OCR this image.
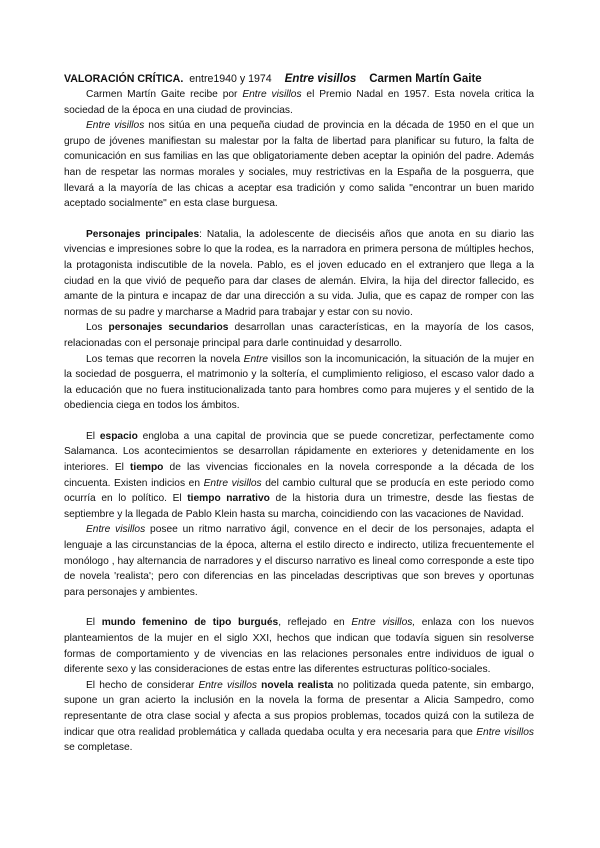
VALORACIÓN CRÍTICA. entre1940 y 1974 Entre visillos Carmen Martín Gaite

Carmen Martín Gaite recibe por Entre visillos el Premio Nadal en 1957. Esta novela critica la sociedad de la época en una ciudad de provincias.

Entre visillos nos sitúa en una pequeña ciudad de provincia en la década de 1950 en el que un grupo de jóvenes manifiestan su malestar por la falta de libertad para planificar su futuro, la falta de comunicación en sus familias en las que obligatoriamente deben aceptar la opinión del padre. Además han de respetar las normas morales y sociales, muy restrictivas en la España de la posguerra, que llevará a la mayoría de las chicas a aceptar esa tradición y como salida "encontrar un buen marido aceptado socialmente" en esta clase burguesa.

Personajes principales: Natalia, la adolescente de dieciséis años que anota en su diario las vivencias e impresiones sobre lo que la rodea, es la narradora en primera persona de múltiples hechos, la protagonista indiscutible de la novela. Pablo, es el joven educado en el extranjero que llega a la ciudad en la que vivió de pequeño para dar clases de alemán. Elvira, la hija del director fallecido, es amante de la pintura e incapaz de dar una dirección a su vida. Julia, que es capaz de romper con las normas de su padre y marcharse a Madrid para trabajar y estar con su novio.

Los personajes secundarios desarrollan unas características, en la mayoría de los casos, relacionadas con el personaje principal para darle continuidad y desarrollo.

Los temas que recorren la novela Entre visillos son la incomunicación, la situación de la mujer en la sociedad de posguerra, el matrimonio y la soltería, el cumplimiento religioso, el escaso valor dado a la educación que no fuera institucionalizada tanto para hombres como para mujeres y el sentido de la obediencia ciega en todos los ámbitos.

El espacio engloba a una capital de provincia que se puede concretizar, perfectamente como Salamanca. Los acontecimientos se desarrollan rápidamente en exteriores y detenidamente en los interiores. El tiempo de las vivencias ficcionales en la novela corresponde a la década de los cincuenta. Existen indicios en Entre visillos del cambio cultural que se producía en este periodo como ocurría en lo político. El tiempo narrativo de la historia dura un trimestre, desde las fiestas de septiembre y la llegada de Pablo Klein hasta su marcha, coincidiendo con las vacaciones de Navidad.

Entre visillos posee un ritmo narrativo ágil, convence en el decir de los personajes, adapta el lenguaje a las circunstancias de la época, alterna el estilo directo e indirecto, utiliza frecuentemente el monólogo , hay alternancia de narradores y el discurso narrativo es lineal como corresponde a este tipo de novela 'realista'; pero con diferencias en las pinceladas descriptivas que son breves y oportunas para personajes y ambientes.

El mundo femenino de tipo burgués, reflejado en Entre visillos, enlaza con los nuevos planteamientos de la mujer en el siglo XXI, hechos que indican que todavía siguen sin resolverse formas de comportamiento y de vivencias en las relaciones personales entre individuos de igual o diferente sexo y las consideraciones de estas entre las diferentes estructuras político-sociales.

El hecho de considerar Entre visillos novela realista no politizada queda patente, sin embargo, supone un gran acierto la inclusión en la novela la forma de presentar a Alicia Sampedro, como representante de otra clase social y afecta a sus propios problemas, tocados quizá con la sutileza de indicar que otra realidad problemática y callada quedaba oculta y era necesaria para que Entre visillos se completase.
